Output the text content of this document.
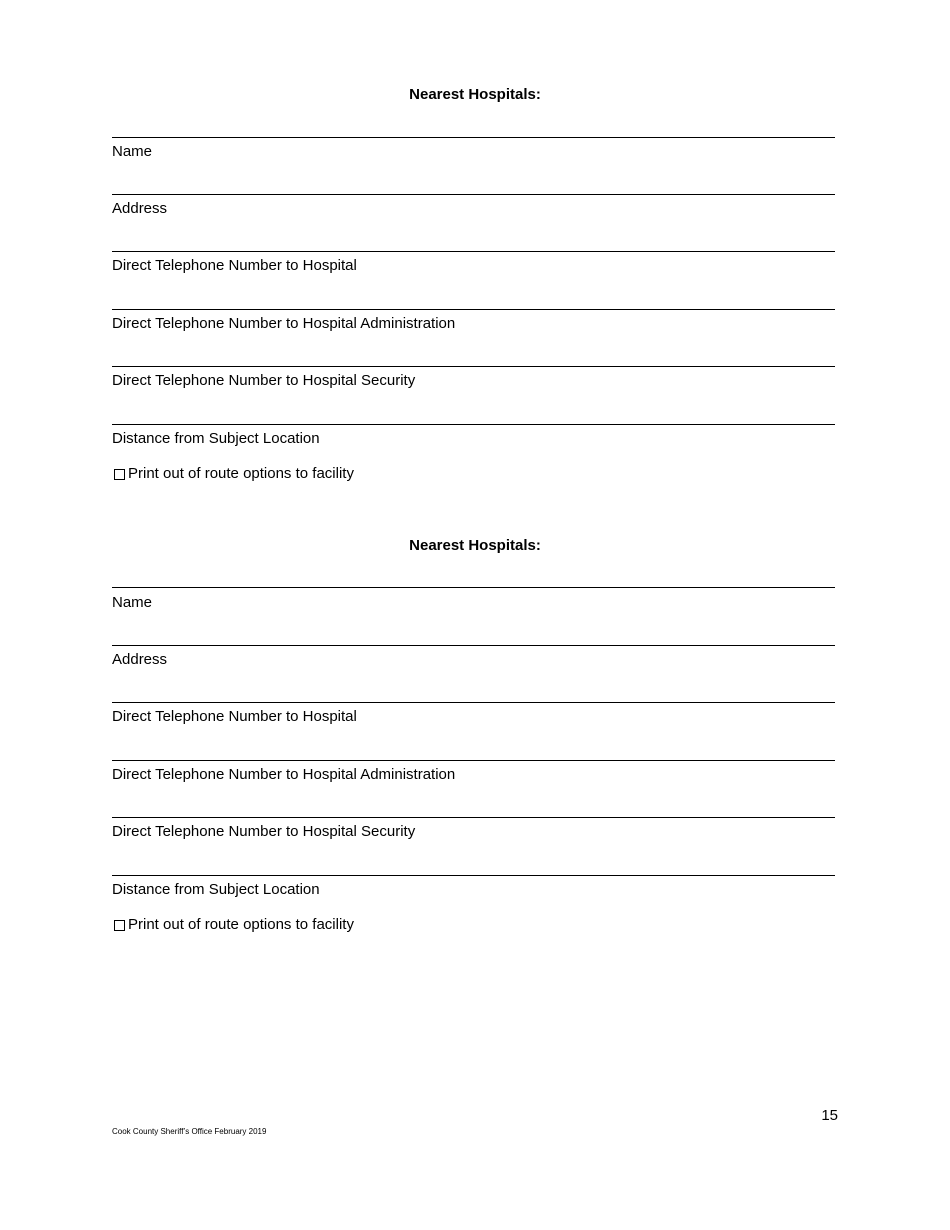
Nearest Hospitals:
Name
Address
Direct Telephone Number to Hospital
Direct Telephone Number to Hospital Administration
Direct Telephone Number to Hospital Security
Distance from Subject Location
Print out of route options to facility
Nearest Hospitals:
Name
Address
Direct Telephone Number to Hospital
Direct Telephone Number to Hospital Administration
Direct Telephone Number to Hospital Security
Distance from Subject Location
Print out of route options to facility
15
Cook County Sheriff’s Office February 2019
